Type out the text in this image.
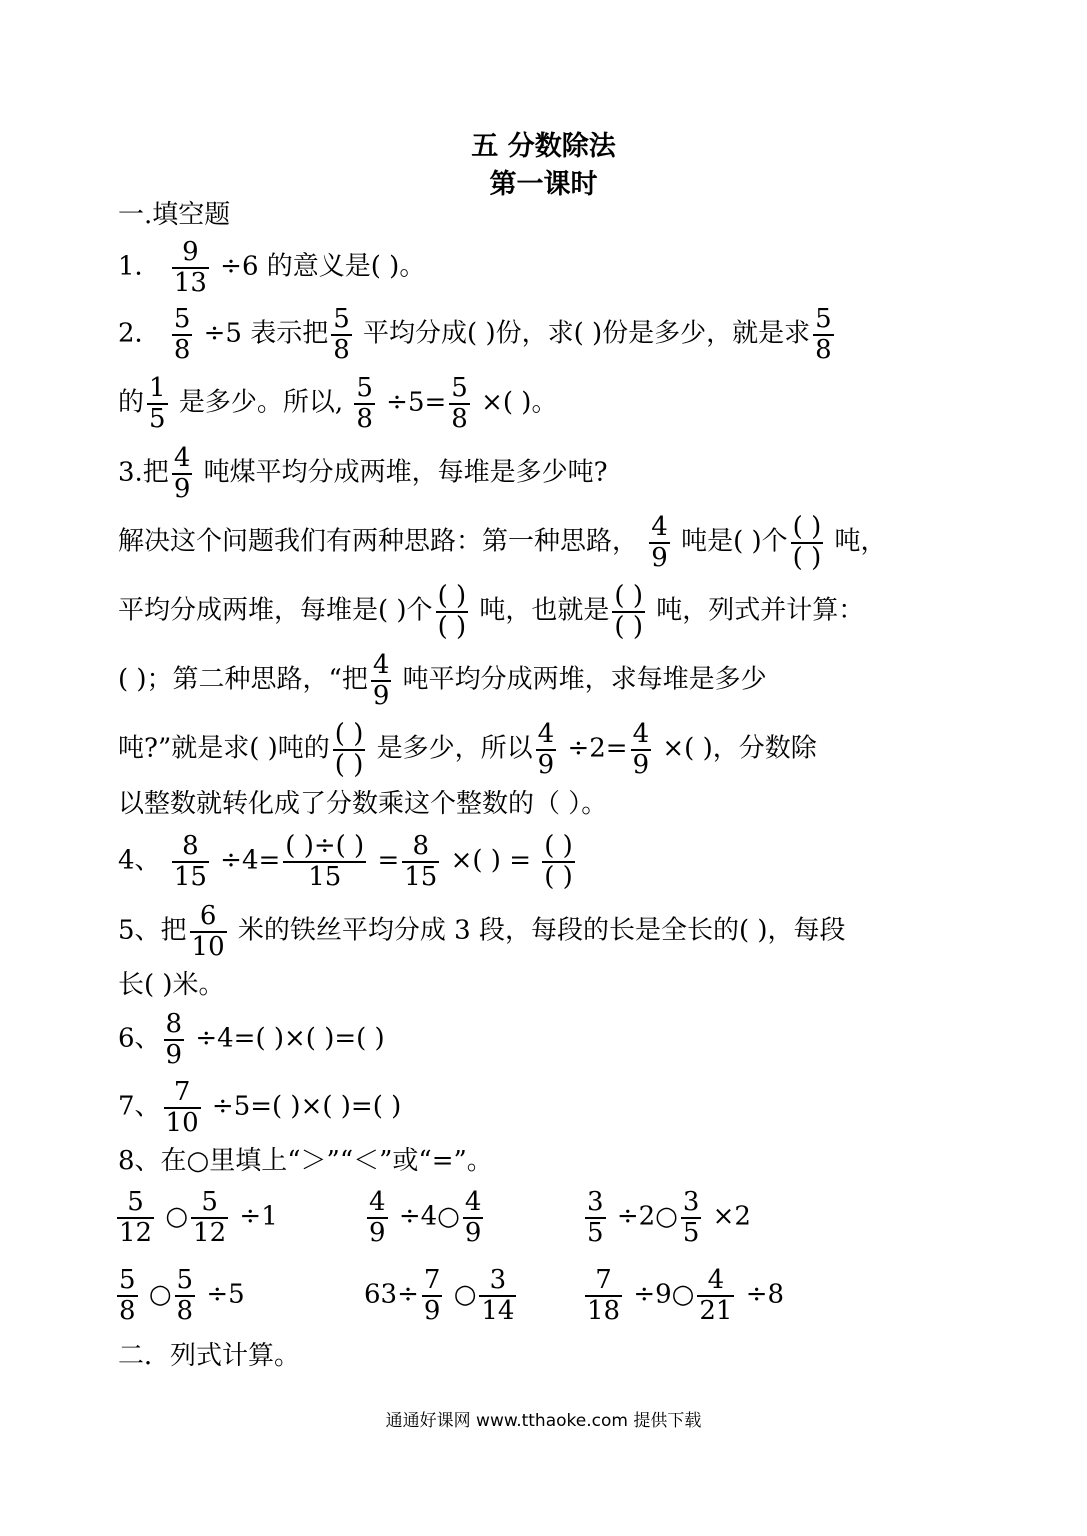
五 分数除法
第一课时
一.填空题
1． $\frac{9}{13} \div 6$ 的意义是( )。
2． $\frac{5}{8} \div 5$ 表示把 $\frac{5}{8}$ 平均分成( )份，求( )份是多少，就是求 $\frac{5}{8}$
的 $\frac{1}{5}$ 是多少。所以, $\frac{5}{8} \div 5= \frac{5}{8}$ ×( )。
3.把 $\frac{4}{9}$ 吨煤平均分成两堆，每堆是多少吨?
解决这个问题我们有两种思路：第一种思路， $\frac{4}{9}$ 吨是( )个 $\frac{( )}{( )}$ 吨，
平均分成两堆，每堆是( )个 $\frac{( )}{( )}$ 吨，也就是 $\frac{( )}{( )}$ 吨，列式并计算：
( )；第二种思路，“把 $\frac{4}{9}$ 吨平均分成两堆，求每堆是多少
吨?”就是求( )吨的 $\frac{( )}{( )}$ 是多少，所以 $\frac{4}{9} \div 2= \frac{4}{9}$ ×( )，分数除
以整数就转化成了分数乘这个整数的（ ）。
4、 $\frac{8}{15} \div 4= \frac{( )\div( )}{15} = \frac{8}{15}$ ×( ) = $\frac{( )}{( )}$
5、把 $\frac{6}{10}$ 米的铁丝平均分成 3 段，每段的长是全长的( )，每段
长( )米。
6、 $\frac{8}{9} \div 4=$( )×( )=( )
7、 $\frac{7}{10} \div 5=$( )×( )=( )
8、在○里填上“＞”“＜”或“=”。
$\frac{5}{12}$ ○ $\frac{5}{12} \div 1$	$\frac{4}{9}$ ÷4○ $\frac{4}{9}$	$\frac{3}{5}$ ÷2○ $\frac{3}{5} \times 2$
$\frac{5}{8}$ ○ $\frac{5}{8} \div 5$	$63\div \frac{7}{9}$ ○ $\frac{3}{14}$	$\frac{7}{18}$ ÷9○ $\frac{4}{21} \div 8$
二．列式计算。
通通好课网 www.tthaoke.com 提供下载
